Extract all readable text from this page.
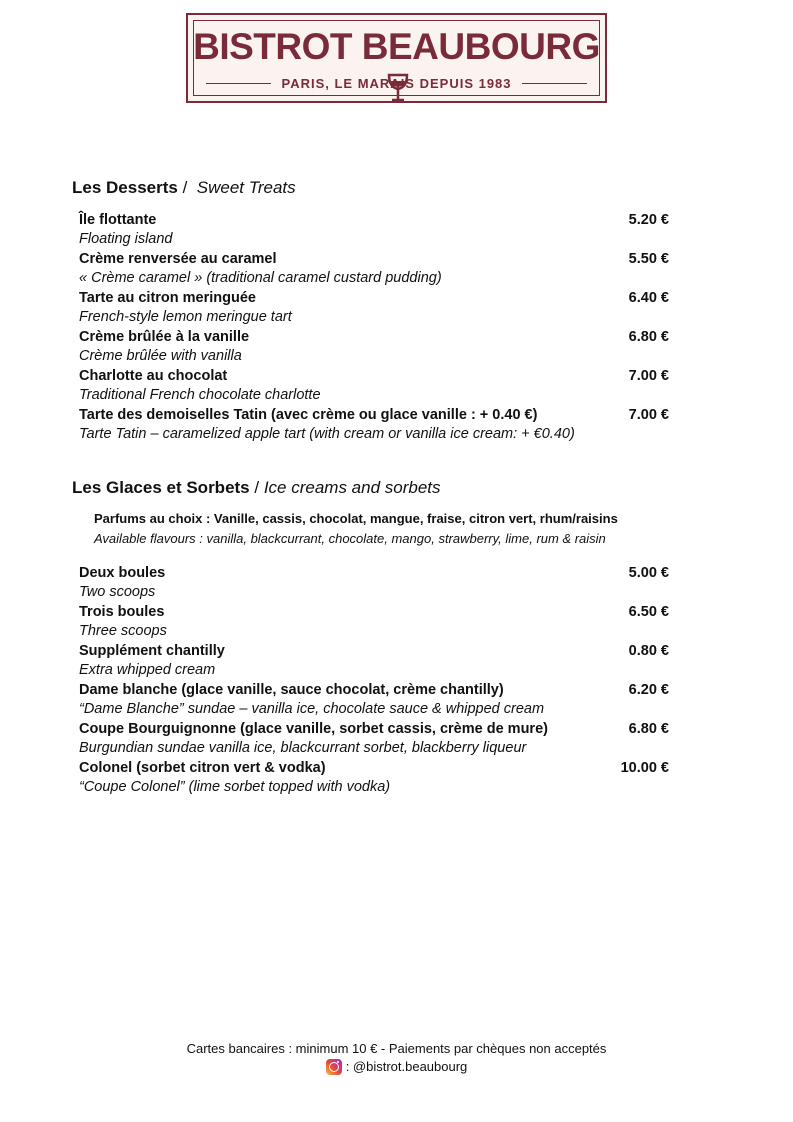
BISTROT BEAUBOURG
PARIS, LE MARAIS DEPUIS 1983
Les Desserts /  Sweet Treats
Île flottante	5.20 €
Floating island
Crème renversée au caramel	5.50 €
« Crème caramel » (traditional caramel custard pudding)
Tarte au citron meringuée	6.40 €
French-style lemon meringue tart
Crème brûlée à la vanille	6.80 €
Crème brûlée with vanilla
Charlotte au chocolat	7.00 €
Traditional French chocolate charlotte
Tarte des demoiselles Tatin (avec crème ou glace vanille : + 0.40 €)	7.00 €
Tarte Tatin – caramelized apple tart (with cream or vanilla ice cream: + €0.40)
Les Glaces et Sorbets / Ice creams and sorbets
Parfums au choix : Vanille, cassis, chocolat, mangue, fraise, citron vert, rhum/raisins
Available flavours : vanilla, blackcurrant, chocolate, mango, strawberry, lime, rum & raisin
Deux boules	5.00 €
Two scoops
Trois boules	6.50 €
Three scoops
Supplément chantilly	0.80 €
Extra whipped cream
Dame blanche (glace vanille, sauce chocolat, crème chantilly)	6.20 €
“Dame Blanche” sundae – vanilla ice, chocolate sauce & whipped cream
Coupe Bourguignonne (glace vanille, sorbet cassis, crème de mure)	6.80 €
Burgundian sundae vanilla ice, blackcurrant sorbet, blackberry liqueur
Colonel (sorbet citron vert & vodka)	10.00 €
“Coupe Colonel” (lime sorbet topped with vodka)
Cartes bancaires : minimum 10 € - Paiements par chèques non acceptés
: @bistrot.beaubourg
